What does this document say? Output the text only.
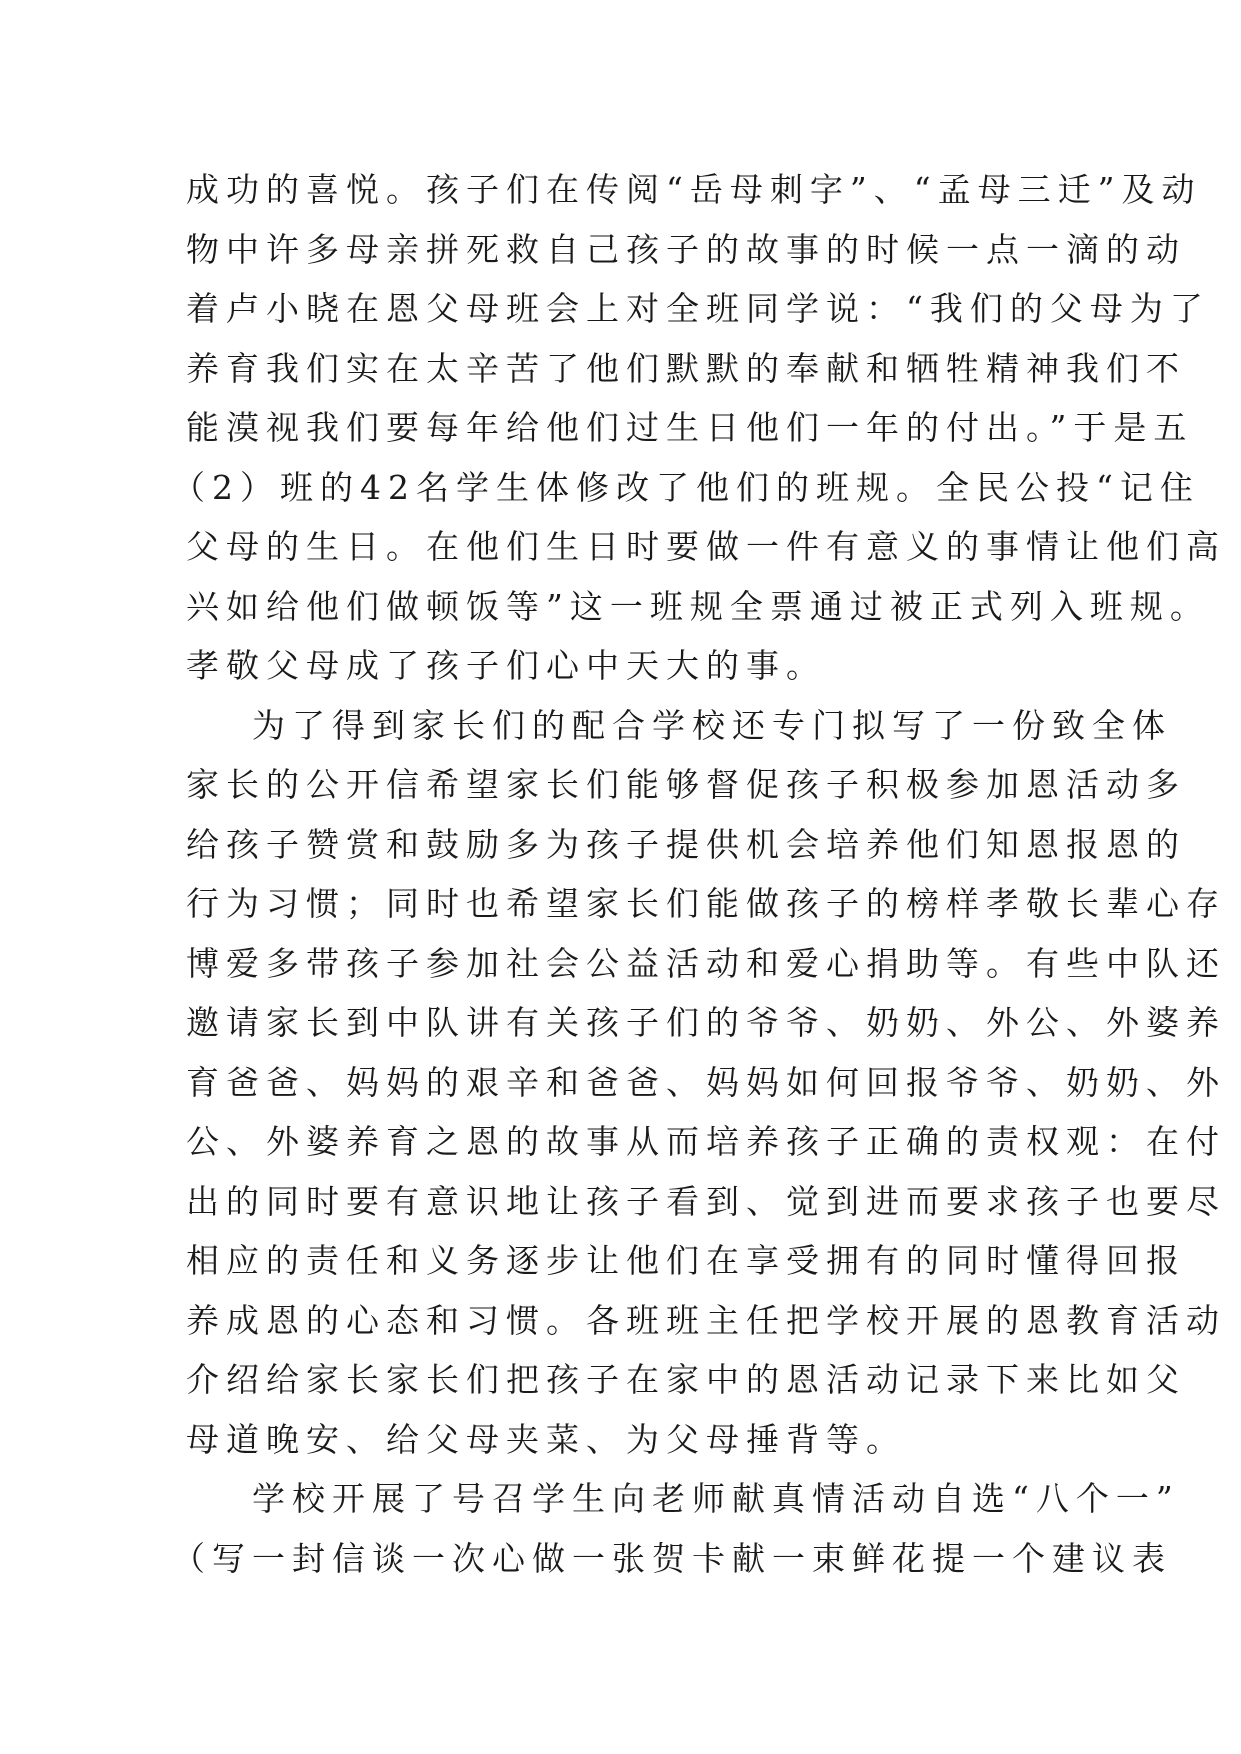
成功的喜悦。孩子们在传阅“岳母刺字”、“孟母三迁”及动
物中许多母亲拼死救自己孩子的故事的时候一点一滴的动
着卢小晓在恩父母班会上对全班同学说：“我们的父母为了
养育我们实在太辛苦了他们默默的奉献和牺牲精神我们不
能漠视我们要每年给他们过生日他们一年的付出。”于是五
（2）班的42名学生体修改了他们的班规。全民公投“记住
父母的生日。在他们生日时要做一件有意义的事情让他们高
兴如给他们做顿饭等”这一班规全票通过被正式列入班规。
孝敬父母成了孩子们心中天大的事。
为了得到家长们的配合学校还专门拟写了一份致全体
家长的公开信希望家长们能够督促孩子积极参加恩活动多
给孩子赞赏和鼓励多为孩子提供机会培养他们知恩报恩的
行为习惯；同时也希望家长们能做孩子的榜样孝敬长辈心存
博爱多带孩子参加社会公益活动和爱心捐助等。有些中队还
邀请家长到中队讲有关孩子们的爷爷、奶奶、外公、外婆养
育爸爸、妈妈的艰辛和爸爸、妈妈如何回报爷爷、奶奶、外
公、外婆养育之恩的故事从而培养孩子正确的责权观：在付
出的同时要有意识地让孩子看到、觉到进而要求孩子也要尽
相应的责任和义务逐步让他们在享受拥有的同时懂得回报
养成恩的心态和习惯。各班班主任把学校开展的恩教育活动
介绍给家长家长们把孩子在家中的恩活动记录下来比如父
母道晚安、给父母夹菜、为父母捶背等。
学校开展了号召学生向老师献真情活动自选“八个一”
（写一封信谈一次心做一张贺卡献一束鲜花提一个建议表
